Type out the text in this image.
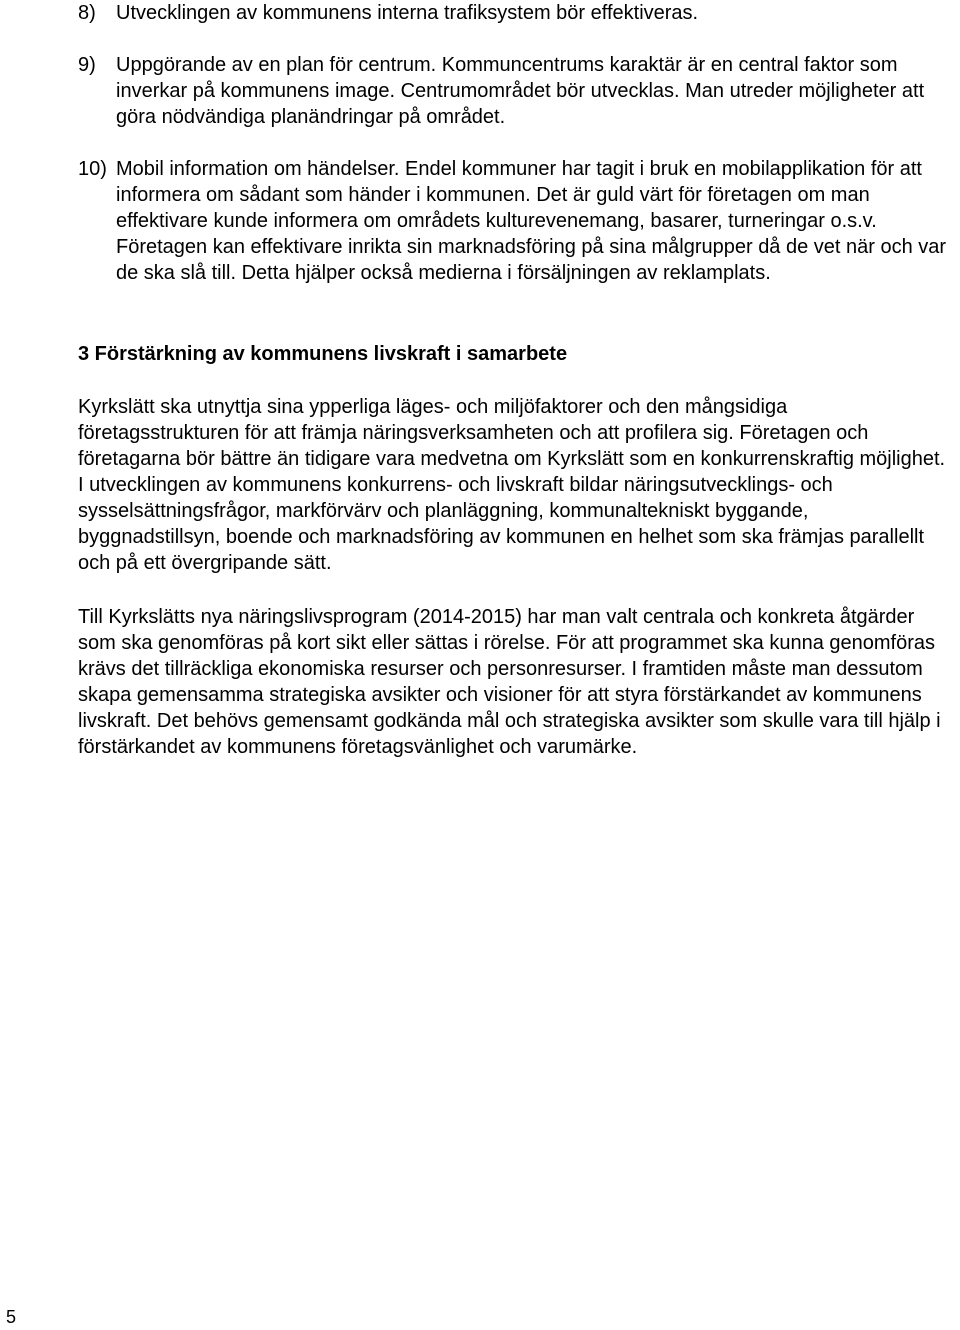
8)	Utvecklingen av kommunens interna trafiksystem bör effektiveras.
9)	Uppgörande av en plan för centrum. Kommuncentrums karaktär är en central faktor som inverkar på kommunens image. Centrumområdet bör utvecklas. Man utreder möjligheter att göra nödvändiga planändringar på området.
10) Mobil information om händelser. Endel kommuner har tagit i bruk en mobilapplikation för att informera om sådant som händer i kommunen. Det är guld värt för företagen om man effektivare kunde informera om områdets kulturevenemang, basarer, turneringar o.s.v. Företagen kan effektivare inrikta sin marknadsföring på sina målgrupper då de vet när och var de ska slå till. Detta hjälper också medierna i försäljningen av reklamplats.
3 Förstärkning av kommunens livskraft i samarbete
Kyrkslätt ska utnyttja sina ypperliga läges- och miljöfaktorer och den mångsidiga företagsstrukturen för att främja näringsverksamheten och att profilera sig. Företagen och företagarna bör bättre än tidigare vara medvetna om Kyrkslätt som en konkurrenskraftig möjlighet. I utvecklingen av kommunens konkurrens- och livskraft bildar näringsutvecklings- och sysselsättningsfrågor, markförvärv och planläggning, kommunaltekniskt byggande, byggnadstillsyn, boende och marknadsföring av kommunen en helhet som ska främjas parallellt och på ett övergripande sätt.
Till Kyrkslätts nya näringslivsprogram (2014-2015) har man valt centrala och konkreta åtgärder som ska genomföras på kort sikt eller sättas i rörelse. För att programmet ska kunna genomföras krävs det tillräckliga ekonomiska resurser och personresurser. I framtiden måste man dessutom skapa gemensamma strategiska avsikter och visioner för att styra förstärkandet av kommunens livskraft. Det behövs gemensamt godkända mål och strategiska avsikter som skulle vara till hjälp i förstärkandet av kommunens företagsvänlighet och varumärke.
5
